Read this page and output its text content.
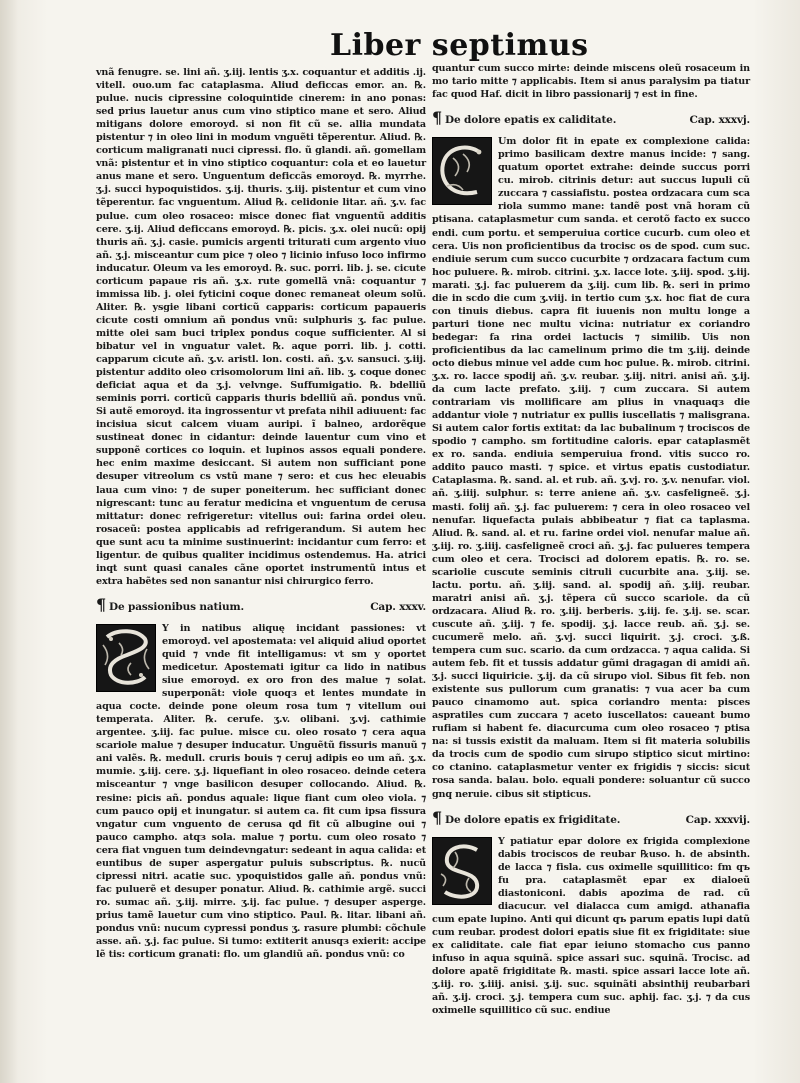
Liber septimus

vnã fenugre. se. lini añ. ʒ.iij. lentis ʒ.x. coquantur et additis .ij. vitell. ouo.um fac cataplasma. Aliud deficcas emor. an. ℞. pulue. nucis cipressine coloquintide cinerem: in ano ponas: sed prius lauetur anus cum vino stiptico mane et sero. Aliud mitigans dolore emoroyd. si non fit cũ se. allia mundata pistentur ⁊ in oleo lini in modum vnguẽti tẽperentur. Aliud. ℞. corticum maligranati nuci cipressi. flo. ũ glandi. añ. gomellam vnã: pistentur et in vino stiptico coquantur: cola et eo lauetur anus mane et sero. Unguentum deficcãs emoroyd. ℞. myrrhe. ʒ.j. succi hypoquistidos. ʒ.ij. thuris. ʒ.iij. pistentur et cum vino tẽperentur. fac vnguentum. Aliud ℞. celidonie litar. añ. ʒ.v. fac pulue. cum oleo rosaceo: misce donec fiat vnguentũ additis cere. ʒ.ij. Aliud deficcans emoroyd. ℞. picis. ʒ.x. olei nucũ: opij thuris añ. ʒ.j. casie. pumicis argenti triturati cum argento viuo añ. ʒ.j. misceantur cum pice ⁊ oleo ⁊ licinio infuso loco infirmo inducatur. Oleum va les emoroyd. ℞. suc. porri. lib. j. se. cicute corticum papaue ris añ. ʒ.x. rute gomellã vnã: coquantur ⁊ immissa lib. j. olei fyticini coque donec remaneat oleum solũ. Aliter. ℞. ysgie libani corticũ capparis: corticum papaueris cicute costi omnium añ pondus vnũ: sulphuris ʒ. fac pulue. mitte olei sam buci triplex pondus coque sufficienter. Al si bibatur vel in vnguatur valet. ℞. aque porri. lib. j. cotti. capparum cicute añ. ʒ.v. aristl. lon. costi. añ. ʒ.v. sansuci. ʒ.iij. pistentur addito oleo crisomolorum lini añ. lib. ʒ. coque donec deficiat aqua et da ʒ.j. velvnge. Suffumigatio. ℞. bdelliũ seminis porri. corticũ capparis thuris bdelliũ añ. pondus vnũ. Si autẽ emoroyd. ita ingrossentur vt prefata nihil adiuuent: fac incisiua sicut calcem viuam auripi. ĩ balneo, ardorẽque sustineat donec in cidantur: deinde lauentur cum vino et supponẽ cortices co loquin. et lupinos assos equali pondere. hec enim maxime desiccant. Si autem non sufficiant pone desuper vitreolum cs vstũ mane ⁊ sero: et cus hec eleuabis laua cum vino: ⁊ de super poneiterum. hec sufficiant donec nigrescant: tunc au feratur medicina et vnguentum de cerusa mittatur: donec refrigeretur: vitellus oui: farina ordei oleu. rosaceũ: postea applicabis ad refrigerandum. Si autem hec que sunt acu ta minime sustinuerint: incidantur cum ferro: et ligentur. de quibus qualiter incidimus ostendemus. Ha. atrici inqt sunt quasi canales cãne oportet instrumentũ intus et extra habẽtes sed non sanantur nisi chirurgico ferro.

¶ De passionibus natium.	Cap. xxxv.

Y in natibus aliquę incidant passiones: vt emoroyd. vel apostemata: vel aliquid aliud oportet quid ⁊ vnde fit intelligamus: vt sm y oportet medicetur. Apostemati igitur ca lido in natibus siue emoroyd. ex oro fron des malue ⁊ solat. superponãt: viole quoqз et lentes mundate in aqua cocte. deinde pone oleum rosa tum ⁊ vitellum oui temperata. Aliter. ℞. cerufe. ʒ.v. olibani. ʒ.vj. cathimie argentee. ʒ.iij. fac pulue. misce cu. oleo rosato ⁊ cera aqua scariole malue ⁊ desuper inducatur. Unguẽtũ fissuris manuũ ⁊ ani valẽs. ℞. medull. cruris bouis ⁊ ceruj adipis eo um añ. ʒ.x. mumie. ʒ.iij. cere. ʒ.j. liquefiant in oleo rosaceo. deinde cetera misceantur ⁊ vnge basilicon desuper collocando. Aliud. ℞. resine: picis añ. pondus aquale: lique fiant cum oleo viola. ⁊ cum pauco opij et inungatur. si autem ca. fit cum ipsa fissura vngatur cum vnguento de cerusa qd fit cũ albugine oui ⁊ pauco campho. atqз sola. malue ⁊ portu. cum oleo rosato ⁊ cera fiat vnguen tum deindevngatur: sedeant in aqua calida: et euntibus de super aspergatur puluis subscriptus. ℞. nucũ cipressi nitri. acatie suc. ypoquistidos galle añ. pondus vnũ: fac puluerẽ et desuper ponatur. Aliud. ℞. cathimie argẽ. succi ro. sumac añ. ʒ.iij. mirre. ʒ.ij. fac pulue. ⁊ desuper asperge. prius tamẽ lauetur cum vino stiptico. Paul. ℞. litar. libani añ. pondus vnũ: nucum cypressi pondus ʒ. rasure plumbi: cõchule asse. añ. ʒ.j. fac pulue. Si tumo: extiterit anusqз exierit: accipe lẽ tis: corticum granati: flo. um glandiũ añ. pondus vnũ: co

quantur cum succo mirte: deinde miscens oleũ rosaceum in mo tario mitte ⁊ applicabis. Item si anus paralysim pa tiatur fac quod Haf. dicit in libro passionarij ⁊ est in fine.

¶ De dolore epatis ex caliditate.	Cap. xxxvj.

Um dolor fit in epate ex complexione calida: primo basilicam dextre manus incide: ⁊ sang. quatum oportet extrahe: deinde succus porri cu. mirob. citrinis detur: aut succus lupuli cũ zuccara ⁊ cassiafistu. postea ordzacara cum sca riola summo mane: tandẽ post vnã horam cũ ptisana. cataplasmetur cum sanda. et cerotõ facto ex succo endi. cum portu. et semperuiua cortice cucurb. cum oleo et cera. Uis non proficientibus da trocisc os de spod. cum suc. endiuie serum cum succo cucurbite ⁊ ordzacara factum cum hoc puluere. ℞. mirob. citrini. ʒ.x. lacce lote. ʒ.iij. spod. ʒ.iij. marati. ʒ.j. fac puluerem da ʒ.iij. cum lib. ℞. seri in primo die in scdo die cum ʒ.viij. in tertio cum ʒ.x. hoc fiat de cura con tinuis diebus. capra fit iuuenis non multu longe a parturi tione nec multu vicina: nutriatur ex coriandro bedegar: fa rina ordei lactucis ⁊ similib. Uis non proficientibus da lac camelinum primo die tm ʒ.iij. deinde octo diebus minue vel adde cum hoc pulue. ℞. mirob. citrini. ʒ.x. ro. lacce spodij añ. ʒ.v. reubar. ʒ.iij. nitri. anisi añ. ʒ.ij. da cum lacte prefato. ʒ.iij. ⁊ cum zuccara. Si autem contrariam vis mollificare am plius in vnaquaqз die addantur viole ⁊ nutriatur ex pullis iuscellatis ⁊ malisgrana. Si autem calor fortis extitat: da lac bubalinum ⁊ trociscos de spodio ⁊ campho. sm fortitudine caloris. epar cataplasmẽt ex ro. sanda. endiuia semperuiua frond. vitis succo ro. addito pauco masti. ⁊ spice. et virtus epatis custodiatur. Cataplasma. ℞. sand. al. et rub. añ. ʒ.vj. ro. ʒ.v. nenufar. viol. añ. ʒ.iiij. sulphur. s: terre aniene añ. ʒ.v. casfeligneẽ. ʒ.j. masti. folij añ. ʒ.j. fac puluerem: ⁊ cera in oleo rosaceo vel nenufar. liquefacta pulais abbibeatur ⁊ fiat ca taplasma. Aliud. ℞. sand. al. et ru. farine ordei viol. nenufar malue añ. ʒ.iij. ro. ʒ.iiij. casfeligneẽ croci añ. ʒ.j. fac pulueres tempera cum oleo et cera. Trocisci ad dolorem epatis. ℞. ro. se. scariolie cuscute seminis citruli cucurbite ana. ʒ.iij. se. lactu. portu. añ. ʒ.iij. sand. al. spodij añ. ʒ.iij. reubar. maratri anisi añ. ʒ.j. tẽpera cũ succo scariole. da cũ ordzacara. Aliud ℞. ro. ʒ.iij. berberis. ʒ.iij. fe. ʒ.ij. se. scar. cuscute añ. ʒ.iij. ⁊ fe. spodij. ʒ.j. lacce reub. añ. ʒ.j. se. cucumerẽ melo. añ. ʒ.vj. succi liquirit. ʒ.j. croci. ʒ.ß. tempera cum suc. scario. da cum ordzacca. ⁊ aqua calida. Si autem feb. fit et tussis addatur gũmi dragagan di amidi añ. ʒ.j. succi liquiricie. ʒ.ij. da cũ sirupo viol. Sibus fit feb. non existente sus pullorum cum granatis: ⁊ vua acer ba cum pauco cinamomo aut. spica coriandro menta: pisces aspratiles cum zuccara ⁊ aceto iuscellatos: caueant bumo rufiam si habent fe. diacurcuma cum oleo rosaceo ⁊ ptisa na: si tussis existit da maluam. Item si fit materia solubilis da trocis cum de spodio cum sirupo stiptico sicut mirtino: co ctanino. cataplasmetur venter ex frigidis ⁊ siccis: sicut rosa sanda. balau. bolo. equali pondere: soluantur cũ succo gnq neruie. cibus sit stipticus.

¶ De dolore epatis ex frigiditate.	Cap. xxxvij.

Y patiatur epar dolore ex frigida complexione dabis trociscos de reubar ℞uso. h. de absinth. de lacca ⁊ fisla. cus oximelle squillitico: fm qъ fu pra. cataplasmẽt epar ex dialoeũ diastoniconi. dabis apozima de rad. cũ diacucur. vel dialacca cum amigd. athanafia cum epate lupino. Anti qui dicunt qъ parum epatis lupi datũ cum reubar. prodest dolori epatis siue fit ex frigiditate: siue ex caliditate. cale fiat epar ieiuno stomacho cus panno infuso in aqua squinã. spice assari suc. squinã. Trocisc. ad dolore apatẽ frigiditate ℞. masti. spice assari lacce lote añ. ʒ.iij. ro. ʒ.iiij. anisi. ʒ.ij. suc. squinãti absinthij reubarbari añ. ʒ.ij. croci. ʒ.j. tempera cum suc. aphij. fac. ʒ.j. ⁊ da cus oximelle squillitico cũ suc. endiue
